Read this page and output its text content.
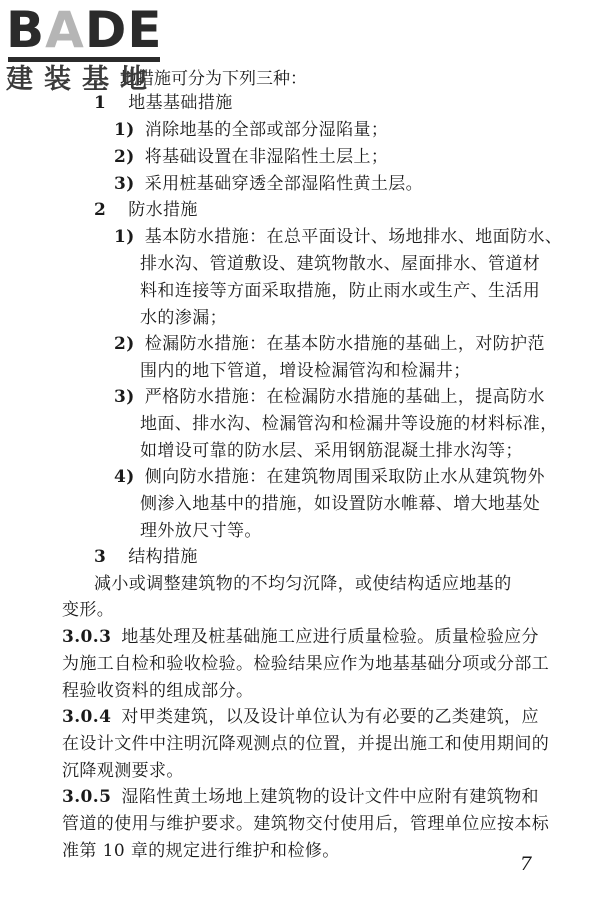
BADE
建装基地
地措施可分为下列三种：
1 地基基础措施
1) 消除地基的全部或部分湿陷量；
2) 将基础设置在非湿陷性土层上；
3) 采用桩基础穿透全部湿陷性黄土层。
2 防水措施
1) 基本防水措施：在总平面设计、场地排水、地面防水、
排水沟、管道敷设、建筑物散水、屋面排水、管道材
料和连接等方面采取措施，防止雨水或生产、生活用
水的渗漏；
2) 检漏防水措施：在基本防水措施的基础上，对防护范
围内的地下管道，增设检漏管沟和检漏井；
3) 严格防水措施：在检漏防水措施的基础上，提高防水
地面、排水沟、检漏管沟和检漏井等设施的材料标准，
如增设可靠的防水层、采用钢筋混凝土排水沟等；
4) 侧向防水措施：在建筑物周围采取防止水从建筑物外
侧渗入地基中的措施，如设置防水帷幕、增大地基处
理外放尺寸等。
3 结构措施
减小或调整建筑物的不均匀沉降，或使结构适应地基的
变形。
3.0.3 地基处理及桩基础施工应进行质量检验。质量检验应分
为施工自检和验收检验。检验结果应作为地基基础分项或分部工
程验收资料的组成部分。
3.0.4 对甲类建筑，以及设计单位认为有必要的乙类建筑，应
在设计文件中注明沉降观测点的位置，并提出施工和使用期间的
沉降观测要求。
3.0.5 湿陷性黄土场地上建筑物的设计文件中应附有建筑物和
管道的使用与维护要求。建筑物交付使用后，管理单位应按本标
准第 10 章的规定进行维护和检修。
7
